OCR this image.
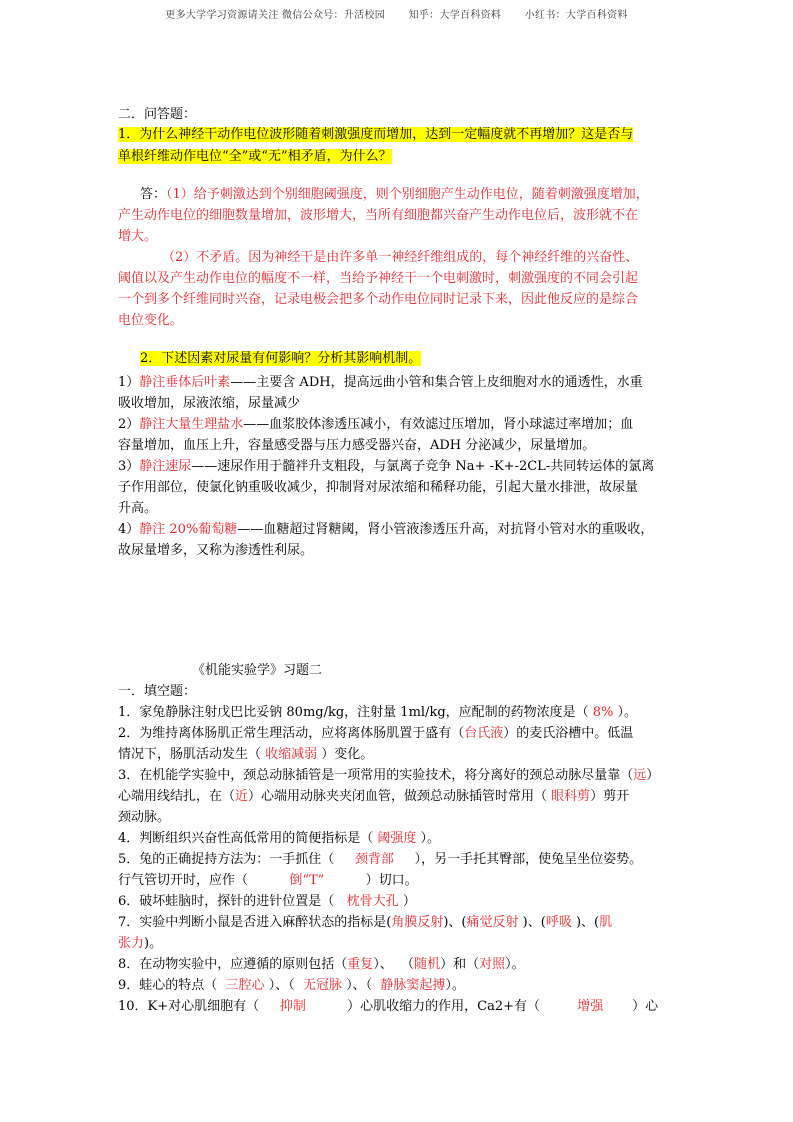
更多大学学习资源请关注 微信公众号：升活校园 知乎：大学百科资料 小红书：大学百科资料

二．问答题：

1．为什么神经干动作电位波形随着刺激强度而增加，达到一定幅度就不再增加？这是否与

单根纤维动作电位“全”或“无”相矛盾，为什么？

答：（1）给予刺激达到个别细胞阈强度，则个别细胞产生动作电位，随着刺激强度增加，

产生动作电位的细胞数量增加，波形增大，当所有细胞都兴奋产生动作电位后，波形就不在

增大。

（2）不矛盾。因为神经干是由许多单一神经纤维组成的，每个神经纤维的兴奋性、

阈值以及产生动作电位的幅度不一样，当给予神经干一个电刺激时，刺激强度的不同会引起

一个到多个纤维同时兴奋，记录电极会把多个动作电位同时记录下来，因此他反应的是综合

电位变化。

2．下述因素对尿量有何影响？分析其影响机制。

1）静注垂体后叶素——主要含 ADH，提高远曲小管和集合管上皮细胞对水的通透性，水重

吸收增加，尿液浓缩，尿量减少

2）静注大量生理盐水——血浆胶体渗透压减小，有效滤过压增加，肾小球滤过率增加；血

容量增加，血压上升，容量感受器与压力感受器兴奋，ADH 分泌减少，尿量增加。

3）静注速尿——速尿作用于髓袢升支粗段，与氯离子竞争 Na+ -K+-2CL-共同转运体的氯离

子作用部位，使氯化钠重吸收减少，抑制肾对尿浓缩和稀释功能，引起大量水排泄，故尿量

升高。

4）静注 20%葡萄糖——血糖超过肾糖阈，肾小管液渗透压升高，对抗肾小管对水的重吸收，

故尿量增多，又称为渗透性利尿。

《机能实验学》习题二

一．填空题：

1．家兔静脉注射戊巴比妥钠 80mg/kg，注射量 1ml/kg，应配制的药物浓度是（ 8% ）。

2．为维持离体肠肌正常生理活动，应将离体肠肌置于盛有（台氏液）的麦氏浴槽中。低温

情况下，肠肌活动发生（ 收缩减弱 ）变化。

3．在机能学实验中，颈总动脉插管是一项常用的实验技术，将分离好的颈总动脉尽量靠（远）

心端用线结扎，在（近）心端用动脉夹夹闭血管，做颈总动脉插管时常用（ 眼科剪）剪开

颈动脉。

4．判断组织兴奋性高低常用的简便指标是（ 阈强度 ）。

5．兔的正确捉持方法为：一手抓住（     颈背部     ），另一手托其臀部，使兔呈坐位姿势。

行气管切开时，应作（          倒“T”          ）切口。

6．破坏蛙脑时，探针的进针位置是（   枕骨大孔 ）

7．实验中判断小鼠是否进入麻醉状态的指标是(角膜反射)、(痛觉反射 )、(呼吸 )、(肌

张力)。

8．在动物实验中，应遵循的原则包括（重复）、  （随机）和（对照）。

9．蛙心的特点（  三腔心 ）、（  无冠脉 ）、（  静脉窦起搏）。

10．K+对心肌细胞有（     抑制          ）心肌收缩力的作用，Ca2+有（         增强       ）心
